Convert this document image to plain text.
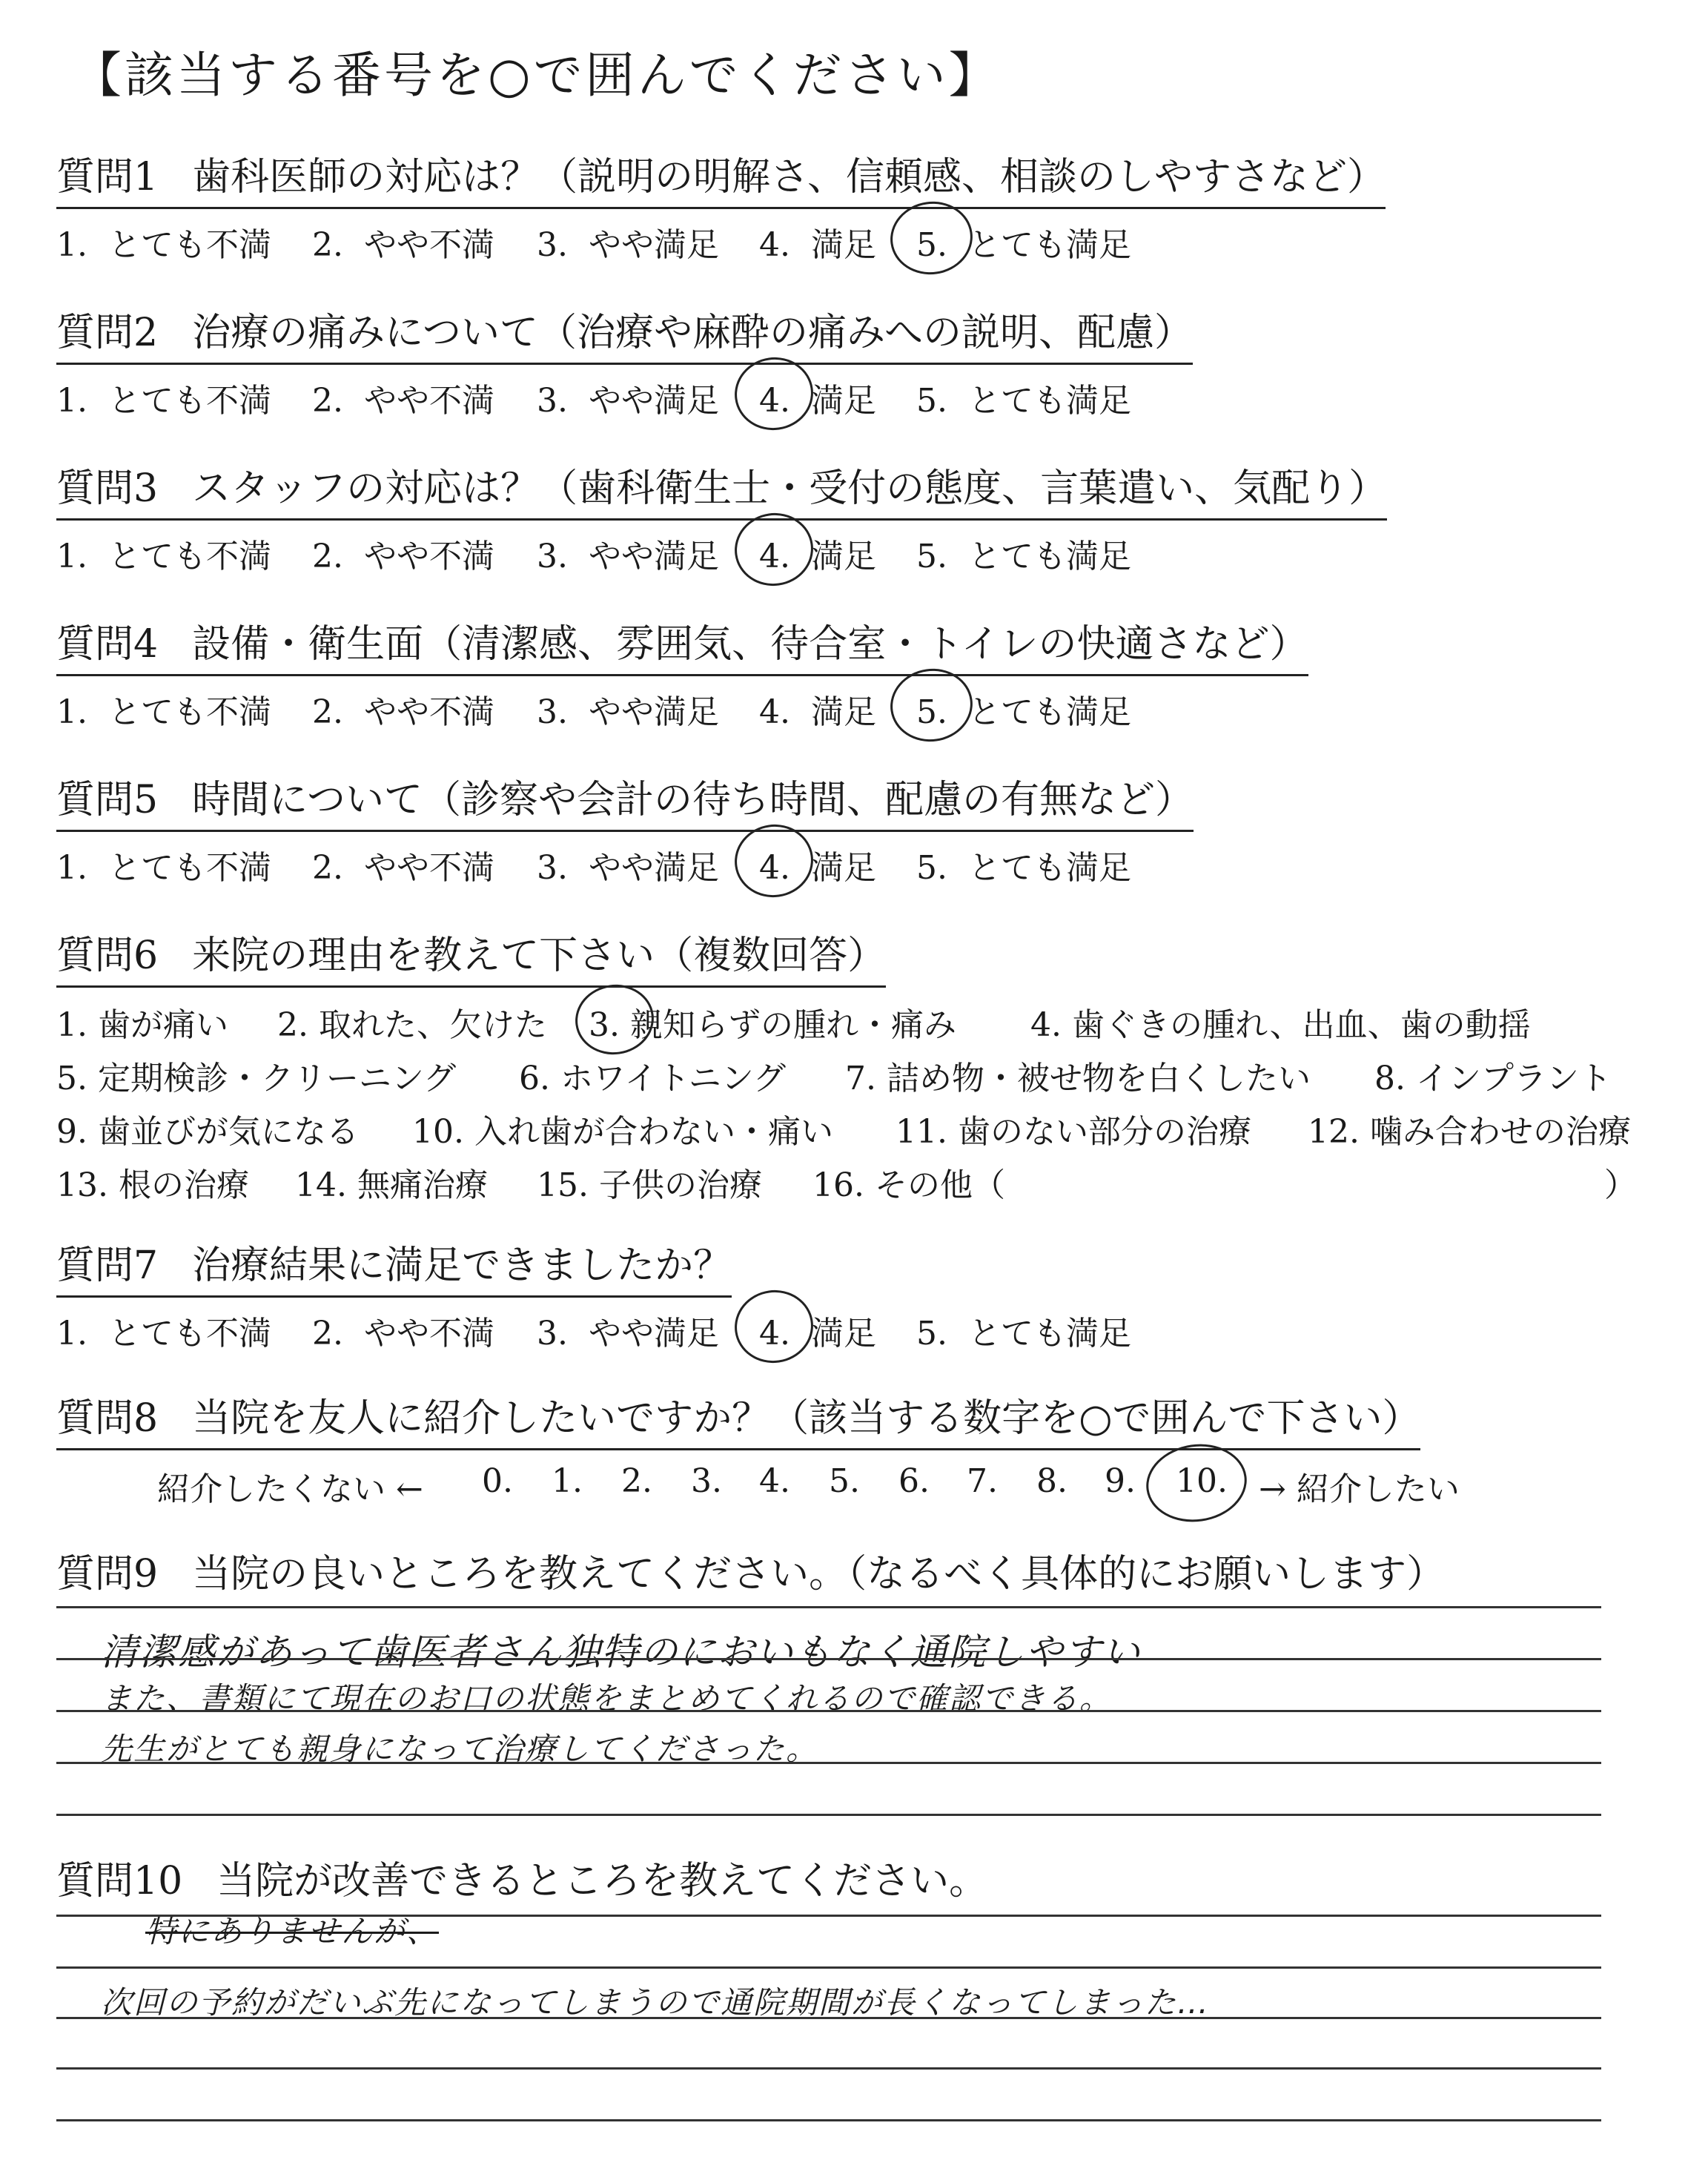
【該当する番号を○で囲んでください】
質問1 歯科医師の対応は？（説明の明解さ、信頼感、相談のしやすさなど）
1. とても不満 2. やや不満 3. やや満足 4. 満足 5. とても満足
質問2 治療の痛みについて（治療や麻酔の痛みへの説明、配慮）
1. とても不満 2. やや不満 3. やや満足 4. 満足 5. とても満足
質問3 スタッフの対応は？（歯科衛生士・受付の態度、言葉遣い、気配り）
1. とても不満 2. やや不満 3. やや満足 4. 満足 5. とても満足
質問4 設備・衛生面（清潔感、雰囲気、待合室・トイレの快適さなど）
1. とても不満 2. やや不満 3. やや満足 4. 満足 5. とても満足
質問5 時間について（診察や会計の待ち時間、配慮の有無など）
1. とても不満 2. やや不満 3. やや満足 4. 満足 5. とても満足
質問6 来院の理由を教えて下さい（複数回答）
1. 歯が痛い 2. 取れた、欠けた 3. 親知らずの腫れ・痛み 4. 歯ぐきの腫れ、出血、歯の動揺
5. 定期検診・クリーニング 6. ホワイトニング 7. 詰め物・被せ物を白くしたい 8. インプラント
9. 歯並びが気になる 10. 入れ歯が合わない・痛い 11. 歯のない部分の治療 12. 噛み合わせの治療
13. 根の治療 14. 無痛治療 15. 子供の治療 16. その他（	）
質問7 治療結果に満足できましたか？
1. とても不満 2. やや不満 3. やや満足 4. 満足 5. とても満足
質問8 当院を友人に紹介したいですか？（該当する数字を○で囲んで下さい）
紹介したくない ← 0. 1. 2. 3. 4. 5. 6. 7. 8. 9. 10. → 紹介したい
質問9 当院の良いところを教えてください。（なるべく具体的にお願いします）
清潔感があって歯医者さん独特のにおいもなく通院しやすい
また、書類にて現在のお口の状態をまとめてくれるので確認できる。
先生がとても親身になって治療してくださった。
質問10 当院が改善できるところを教えてください。
特にありませんが、
次回の予約がだいぶ先になってしまうので通院期間が長くなってしまった…
